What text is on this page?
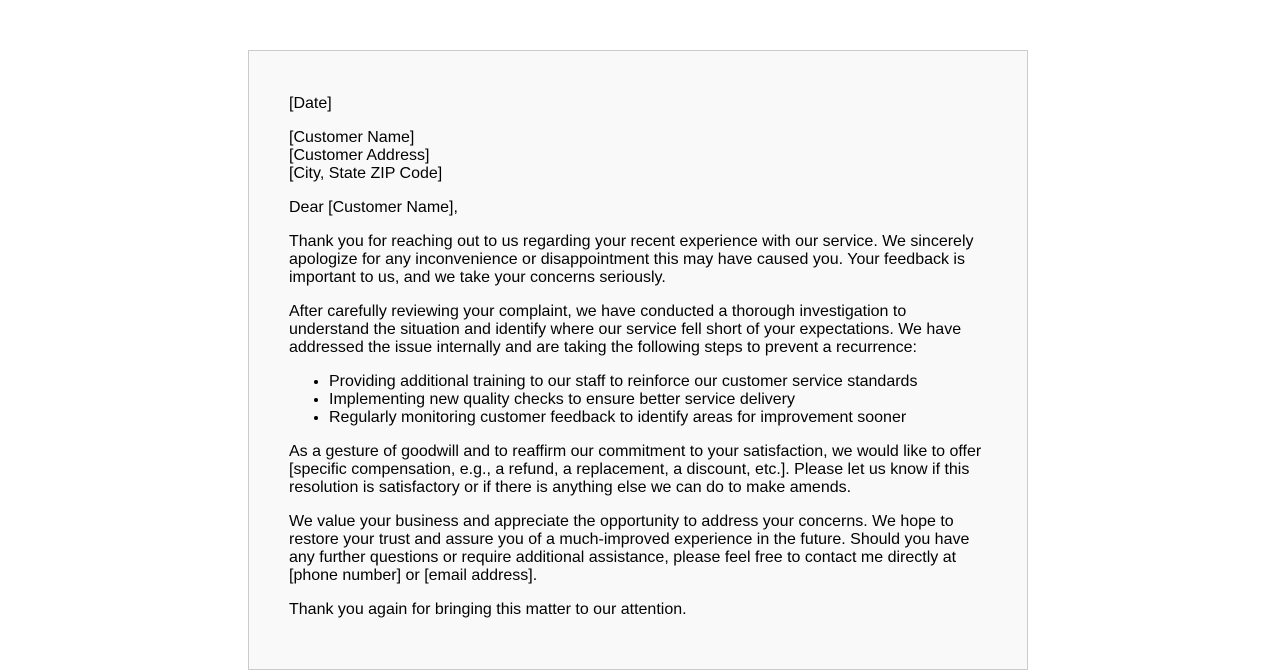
[Date]

[Customer Name]
[Customer Address]
[City, State ZIP Code]

Dear [Customer Name],

Thank you for reaching out to us regarding your recent experience with our service. We sincerely apologize for any inconvenience or disappointment this may have caused you. Your feedback is important to us, and we take your concerns seriously.

After carefully reviewing your complaint, we have conducted a thorough investigation to understand the situation and identify where our service fell short of your expectations. We have addressed the issue internally and are taking the following steps to prevent a recurrence:

• Providing additional training to our staff to reinforce our customer service standards
• Implementing new quality checks to ensure better service delivery
• Regularly monitoring customer feedback to identify areas for improvement sooner

As a gesture of goodwill and to reaffirm our commitment to your satisfaction, we would like to offer [specific compensation, e.g., a refund, a replacement, a discount, etc.]. Please let us know if this resolution is satisfactory or if there is anything else we can do to make amends.

We value your business and appreciate the opportunity to address your concerns. We hope to restore your trust and assure you of a much-improved experience in the future. Should you have any further questions or require additional assistance, please feel free to contact me directly at [phone number] or [email address].

Thank you again for bringing this matter to our attention.
